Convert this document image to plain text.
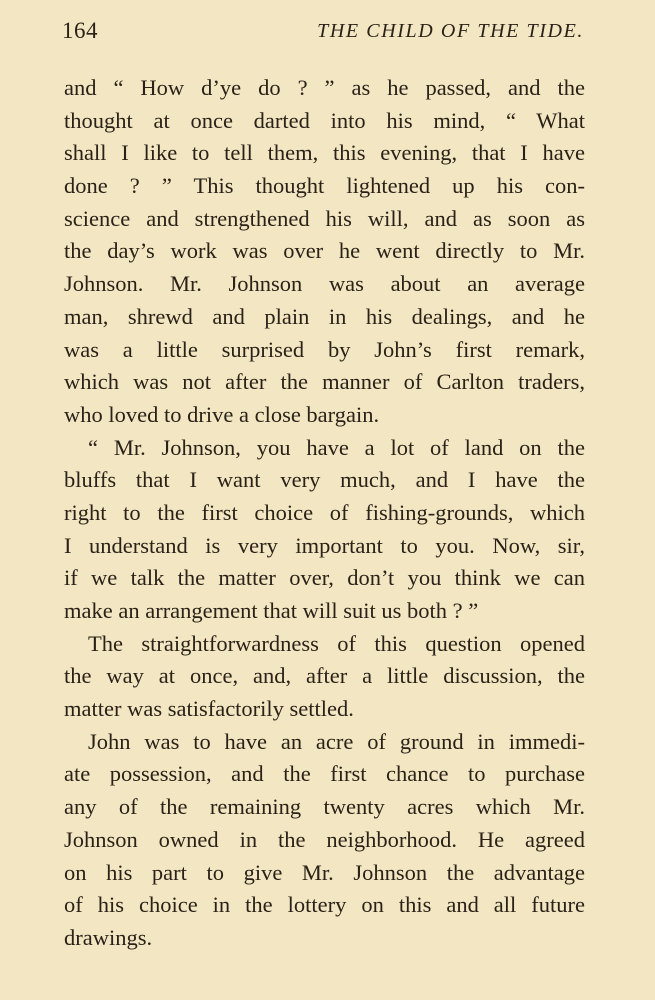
164	THE CHILD OF THE TIDE.
and “ How d’ye do ? ” as he passed, and the
thought at once darted into his mind, “ What
shall I like to tell them, this evening, that I have
done ? ” This thought lightened up his con-
science and strengthened his will, and as soon as
the day’s work was over he went directly to Mr.
Johnson. Mr. Johnson was about an average
man, shrewd and plain in his dealings, and he
was a little surprised by John’s first remark,
which was not after the manner of Carlton traders,
who loved to drive a close bargain.
“ Mr. Johnson, you have a lot of land on the
bluffs that I want very much, and I have the
right to the first choice of fishing-grounds, which
I understand is very important to you. Now, sir,
if we talk the matter over, don’t you think we can
make an arrangement that will suit us both ? ”
The straightforwardness of this question opened
the way at once, and, after a little discussion, the
matter was satisfactorily settled.
John was to have an acre of ground in immedi-
ate possession, and the first chance to purchase
any of the remaining twenty acres which Mr.
Johnson owned in the neighborhood. He agreed
on his part to give Mr. Johnson the advantage
of his choice in the lottery on this and all future
drawings.
